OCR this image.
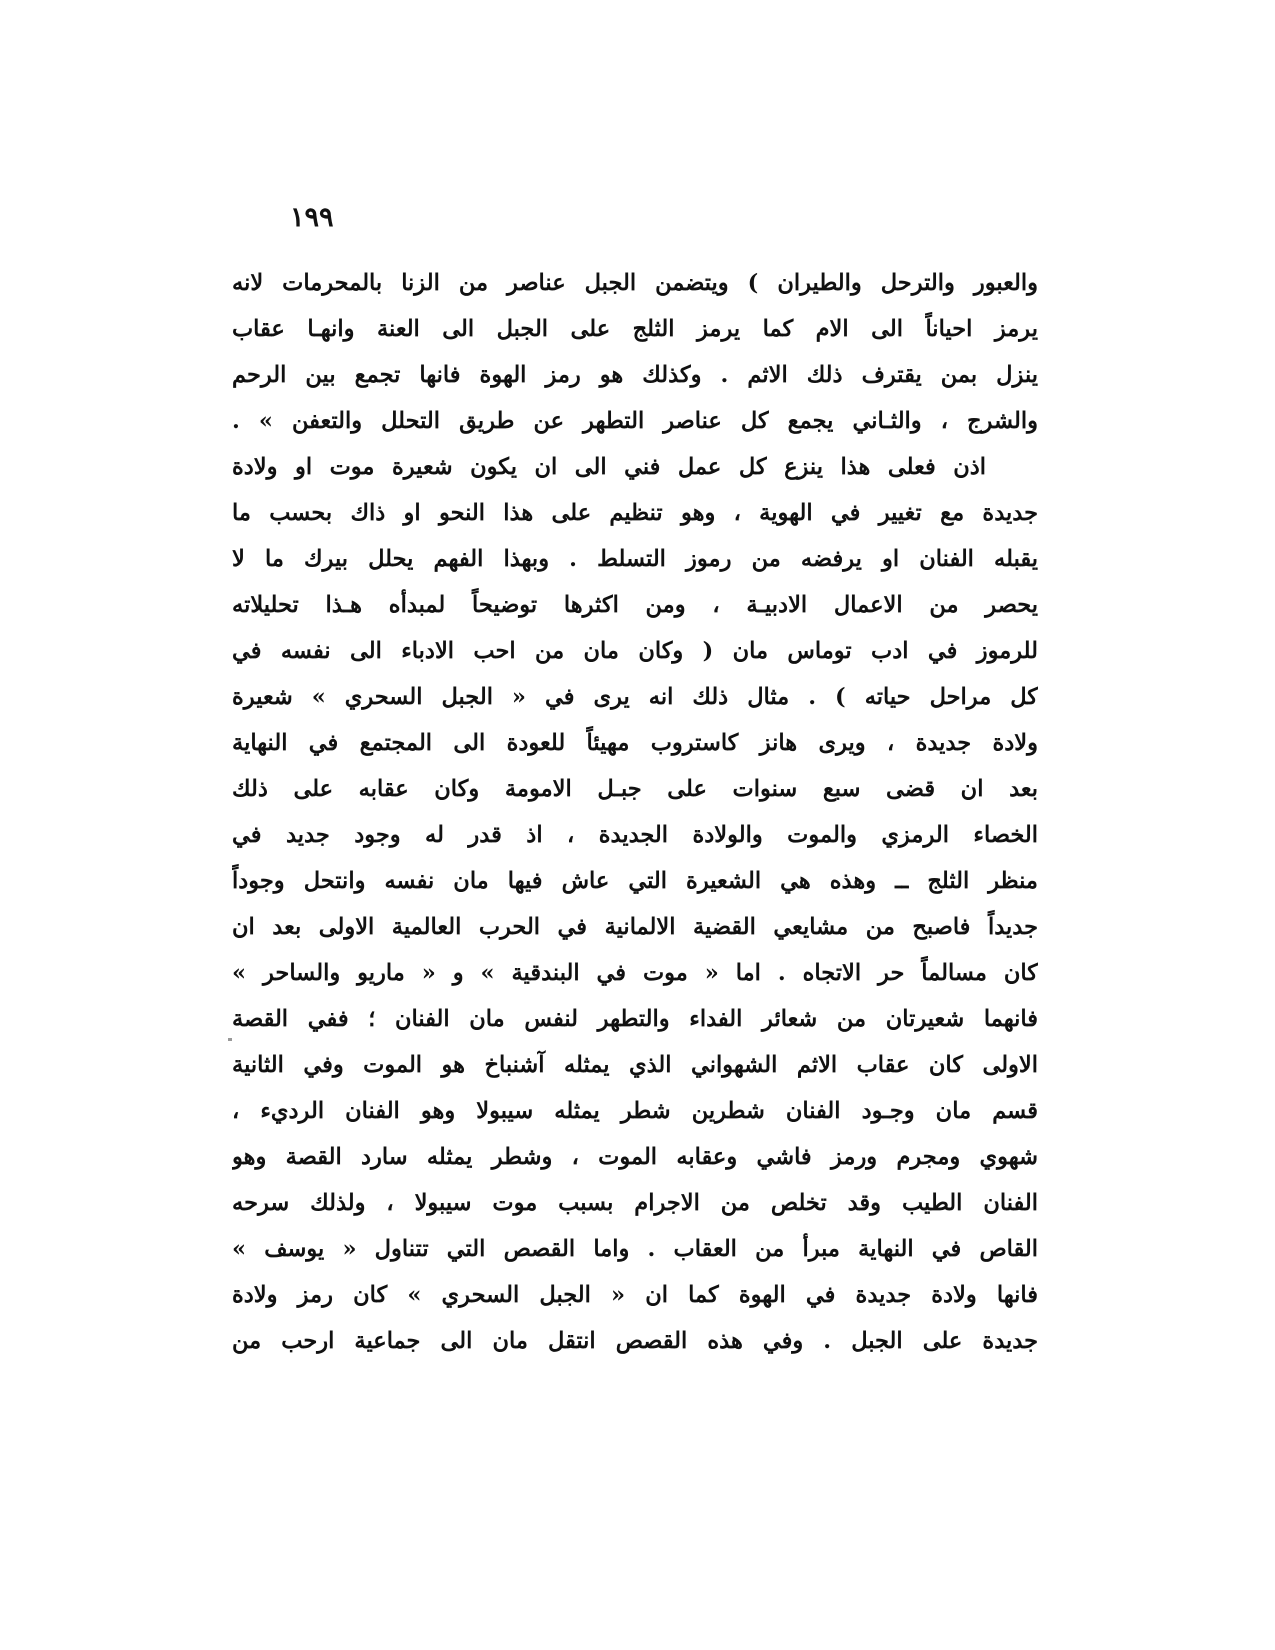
١٩٩
والعبور والترحل والطيران ) ويتضمن الجبل عناصر من الزنا بالمحرمات لانه
يرمز احياناً الى الام كما يرمز الثلج على الجبل الى العنة وانهـا عقاب
ينزل بمن يقترف ذلك الاثم . وكذلك هو رمز الهوة فانها تجمع بين الرحم
والشرج ، والثـاني يجمع كل عناصر التطهر عن طريق التحلل والتعفن » .
اذن فعلى هذا ينزع كل عمل فني الى ان يكون شعيرة موت او ولادة
جديدة مع تغيير في الهوية ، وهو تنظيم على هذا النحو او ذاك بحسب ما
يقبله الفنان او يرفضه من رموز التسلط . وبهذا الفهم يحلل بيرك ما لا
يحصر من الاعمال الادبيـة ، ومن اكثرها توضيحاً لمبدأه هـذا تحليلاته
للرموز في ادب توماس مان ( وكان مان من احب الادباء الى نفسه في
كل مراحل حياته ) . مثال ذلك انه يرى في « الجبل السحري » شعيرة
ولادة جديدة ، ويرى هانز كاستروب مهيئاً للعودة الى المجتمع في النهاية
بعد ان قضى سبع سنوات على جبـل الامومة وكان عقابه على ذلك
الخصاء الرمزي والموت والولادة الجديدة ، اذ قدر له وجود جديد في
منظر الثلج ــ وهذه هي الشعيرة التي عاش فيها مان نفسه وانتحل وجوداً
جديداً فاصبح من مشايعي القضية الالمانية في الحرب العالمية الاولى بعد ان
كان مسالماً حر الاتجاه . اما « موت في البندقية » و « ماريو والساحر »
فانهما شعيرتان من شعائر الفداء والتطهر لنفس مان الفنان ؛ ففي القصة
الاولى كان عقاب الاثم الشهواني الذي يمثله آشنباخ هو الموت وفي الثانية
قسم مان وجـود الفنان شطرين شطر يمثله سيبولا وهو الفنان الرديء ،
شهوي ومجرم ورمز فاشي وعقابه الموت ، وشطر يمثله سارد القصة وهو
الفنان الطيب وقد تخلص من الاجرام بسبب موت سيبولا ، ولذلك سرحه
القاص في النهاية مبرأ من العقاب . واما القصص التي تتناول « يوسف »
فانها ولادة جديدة في الهوة كما ان « الجبل السحري » كان رمز ولادة
جديدة على الجبل . وفي هذه القصص انتقل مان الى جماعية ارحب من
